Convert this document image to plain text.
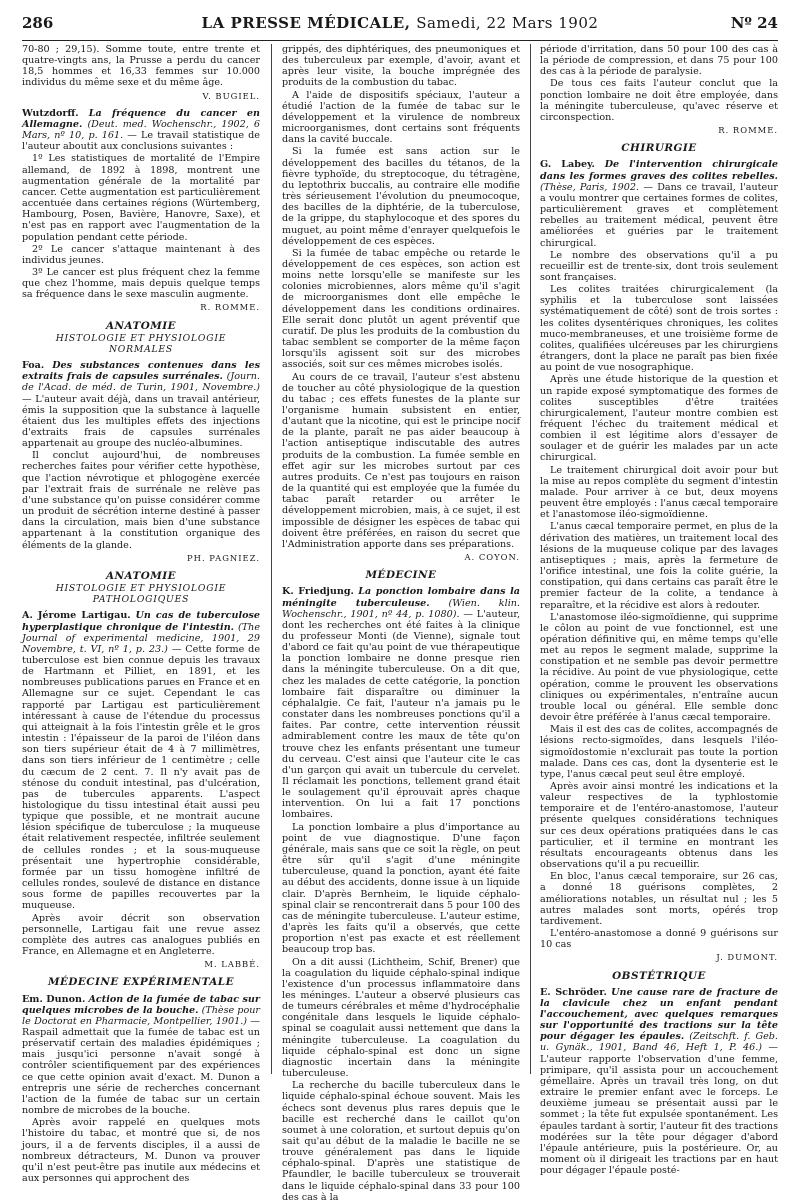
286	LA PRESSE MÉDICALE, Samedi, 22 Mars 1902	Nº 24

70-80 ; 29,15). Somme toute, entre trente et quatre-vingts ans, la Prusse a perdu du cancer 18,5 hommes et 16,33 femmes sur 10.000 individus du même sexe et du même âge.

V. BUGIEL.

Wutzdorff. La fréquence du cancer en Allemagne. (Deut. med. Wochenschr., 1902, 6 Mars, nº 10, p. 161. — Le travail statistique de l'auteur aboutit aux conclusions suivantes :

1º Les statistiques de mortalité de l'Empire allemand, de 1892 à 1898, montrent une augmentation générale de la mortalité par cancer. Cette augmentation est particulièrement accentuée dans certaines régions (Würtemberg, Hambourg, Posen, Bavière, Hanovre, Saxe), et n'est pas en rapport avec l'augmentation de la population pendant cette période.

2º Le cancer s'attaque maintenant à des individus jeunes.

3º Le cancer est plus fréquent chez la femme que chez l'homme, mais depuis quelque temps sa fréquence dans le sexe masculin augmente.

R. ROMME.
ANATOMIE
HISTOLOGIE ET PHYSIOLOGIE NORMALES

Foa. Des substances contenues dans les extraits frais de capsules surrénales. (Journ. de l'Acad. de méd. de Turin, 1901, Novembre.) — L'auteur avait déjà, dans un travail antérieur, émis la supposition que la substance à laquelle étaient dus les multiples effets des injections d'extraits frais de capsules surrénales appartenait au groupe des nucléo-albumines.

Il conclut aujourd'hui, de nombreuses recherches faites pour vérifier cette hypothèse, que l'action névrotique et phlogogène exercée par l'extrait frais de surrénale ne relève pas d'une substance qu'on puisse considérer comme un produit de sécrétion interne destiné à passer dans la circulation, mais bien d'une substance appartenant à la constitution organique des éléments de la glande.

PH. PAGNIEZ.
ANATOMIE
HISTOLOGIE ET PHYSIOLOGIE PATHOLOGIQUES

A. Jérome Lartigau. Un cas de tuberculose hyperplastique chronique de l'intestin. (The Journal of experimental medicine, 1901, 29 Novembre, t. VI, nº 1, p. 23.) — Cette forme de tuberculose est bien connue depuis les travaux de Hartmann et Pilliet, en 1891, et les nombreuses publications parues en France et en Allemagne sur ce sujet. Cependant le cas rapporté par Lartigau est particulièrement intéressant à cause de l'étendue du processus qui atteignait à la fois l'intestin grêle et le gros intestin : l'épaisseur de la paroi de l'iléon dans son tiers supérieur était de 4 à 7 millimètres, dans son tiers inférieur de 1 centimètre ; celle du cæcum de 2 cent. 7. Il n'y avait pas de sténose du conduit intestinal, pas d'ulcération, pas de tubercules apparents. L'aspect histologique du tissu intestinal était aussi peu typique que possible, et ne montrait aucune lésion spécifique de tuberculose ; la muqueuse était relativement respectée, infiltrée seulement de cellules rondes ; et la sous-muqueuse présentait une hypertrophie considérable, formée par un tissu homogène infiltré de cellules rondes, soulevé de distance en distance sous forme de papilles recouvertes par la muqueuse.

Après avoir décrit son observation personnelle, Lartigau fait une revue assez complète des autres cas analogues publiés en France, en Allemagne et en Angleterre.

M. LABBÉ.
MÉDECINE EXPÉRIMENTALE

Em. Dunon. Action de la fumée de tabac sur quelques microbes de la bouche. (Thèse pour le Doctorat en Pharmacie, Montpellier, 1901.) — Raspail admettait que la fumée de tabac est un préservatif certain des maladies épidémiques ; mais jusqu'ici personne n'avait songé à contrôler scientifiquement par des expériences ce que cette opinion avait d'exact. M. Dunon a entrepris une série de recherches concernant l'action de la fumée de tabac sur un certain nombre de microbes de la bouche.

Après avoir rappelé en quelques mots l'histoire du tabac, et montré que si, de nos jours, il a de fervents disciples, il a aussi de nombreux détracteurs, M. Dunon va prouver qu'il n'est peut-être pas inutile aux médecins et aux personnes qui approchent des

grippés, des diphtériques, des pneumoniques et des tuberculeux par exemple, d'avoir, avant et après leur visite, la bouche imprégnée des produits de la combustion du tabac.

A l'aide de dispositifs spéciaux, l'auteur a étudié l'action de la fumée de tabac sur le développement et la virulence de nombreux microorganismes, dont certains sont fréquents dans la cavité buccale.

Si la fumée est sans action sur le développement des bacilles du tétanos, de la fièvre typhoïde, du streptocoque, du tétragène, du leptothrix buccalis, au contraire elle modifie très sérieusement l'évolution du pneumocoque, des bacilles de la diphtérie, de la tuberculose, de la grippe, du staphylocoque et des spores du muguet, au point même d'enrayer quelquefois le développement de ces espèces.

Si la fumée de tabac empêche ou retarde le développement de ces espèces, son action est moins nette lorsqu'elle se manifeste sur les colonies microbiennes, alors même qu'il s'agit de microorganismes dont elle empêche le développement dans les conditions ordinaires. Elle serait donc plutôt un agent préventif que curatif. De plus les produits de la combustion du tabac semblent se comporter de la même façon lorsqu'ils agissent soit sur des microbes associés, soit sur ces mêmes microbes isolés.

Au cours de ce travail, l'auteur s'est abstenu de toucher au côté physiologique de la question du tabac ; ces effets funestes de la plante sur l'organisme humain subsistent en entier, d'autant que la nicotine, qui est le principe nocif de la plante, paraît ne pas aider beaucoup à l'action antiseptique indiscutable des autres produits de la combustion. La fumée semble en effet agir sur les microbes surtout par ces autres produits. Ce n'est pas toujours en raison de la quantité qui est employée que la fumée du tabac paraît retarder ou arrêter le développement microbien, mais, à ce sujet, il est impossible de désigner les espèces de tabac qui doivent être préférées, en raison du secret que l'Administration apporte dans ses préparations.

A. COYON.
MÉDECINE

K. Friedjung. La ponction lombaire dans la méningite tuberculeuse. (Wien. klin. Wochenschr., 1901, nº 44, p. 1080). — L'auteur, dont les recherches ont été faites à la clinique du professeur Monti (de Vienne), signale tout d'abord ce fait qu'au point de vue thérapeutique la ponction lombaire ne donne presque rien dans la méningite tuberculeuse. On a dit que, chez les malades de cette catégorie, la ponction lombaire fait disparaître ou diminuer la céphalalgie. Ce fait, l'auteur n'a jamais pu le constater dans les nombreuses ponctions qu'il a faites. Par contre, cette intervention réussit admirablement contre les maux de tête qu'on trouve chez les enfants présentant une tumeur du cerveau. C'est ainsi que l'auteur cite le cas d'un garçon qui avait un tubercule du cervelet. Il réclamait les ponctions, tellement grand était le soulagement qu'il éprouvait après chaque intervention. On lui a fait 17 ponctions lombaires.

La ponction lombaire a plus d'importance au point de vue diagnostique. D'une façon générale, mais sans que ce soit la règle, on peut être sûr qu'il s'agit d'une méningite tuberculeuse, quand la ponction, ayant été faite au début des accidents, donne issue à un liquide clair. D'après Bernheim, le liquide céphalo-spinal clair se rencontrerait dans 5 pour 100 des cas de méningite tuberculeuse. L'auteur estime, d'après les faits qu'il a observés, que cette proportion n'est pas exacte et est réellement beaucoup trop bas.

On a dit aussi (Lichtheim, Schif, Brener) que la coagulation du liquide céphalo-spinal indique l'existence d'un processus inflammatoire dans les méninges. L'auteur a observé plusieurs cas de tumeurs cérébrales et même d'hydrocéphalie congénitale dans lesquels le liquide céphalo-spinal se coagulait aussi nettement que dans la méningite tuberculeuse. La coagulation du liquide céphalo-spinal est donc un signe diagnostic incertain dans la méningite tuberculeuse.

La recherche du bacille tuberculeux dans le liquide céphalo-spinal échoue souvent. Mais les échecs sont devenus plus rares depuis que le bacille est recherché dans le caillot qu'on soumet à une coloration, et surtout depuis qu'on sait qu'au début de la maladie le bacille ne se trouve généralement pas dans le liquide céphalo-spinal. D'après une statistique de Pfaundler, le bacille tuberculeux se trouverait dans le liquide céphalo-spinal dans 33 pour 100 des cas à la

période d'irritation, dans 50 pour 100 des cas à la période de compression, et dans 75 pour 100 des cas à la période de paralysie.

De tous ces faits l'auteur conclut que la ponction lombaire ne doit être employée, dans la méningite tuberculeuse, qu'avec réserve et circonspection.

R. ROMME.
CHIRURGIE

G. Labey. De l'intervention chirurgicale dans les formes graves des colites rebelles. (Thèse, Paris, 1902. — Dans ce travail, l'auteur a voulu montrer que certaines formes de colites, particulièrement graves et complètement rebelles au traitement médical, peuvent être améliorées et guéries par le traitement chirurgical.

Le nombre des observations qu'il a pu recueillir est de trente-six, dont trois seulement sont françaises.

Les colites traitées chirurgicalement (la syphilis et la tuberculose sont laissées systématiquement de côté) sont de trois sortes : les colites dysentériques chroniques, les colites muco-membraneuses, et une troisième forme de colites, qualifiées ulcéreuses par les chirurgiens étrangers, dont la place ne paraît pas bien fixée au point de vue nosographique.

Après une étude historique de la question et un rapide exposé symptomatique des formes de colites susceptibles d'être traitées chirurgicalement, l'auteur montre combien est fréquent l'échec du traitement médical et combien il est légitime alors d'essayer de soulager et de guérir les malades par un acte chirurgical.

Le traitement chirurgical doit avoir pour but la mise au repos complète du segment d'intestin malade. Pour arriver à ce but, deux moyens peuvent être employés : l'anus cæcal temporaire et l'anastomose iléo-sigmoïdienne.

L'anus cæcal temporaire permet, en plus de la dérivation des matières, un traitement local des lésions de la muqueuse colique par des lavages antiseptiques ; mais, après la fermeture de l'orifice intestinal, une fois la colite guérie, la constipation, qui dans certains cas paraît être le premier facteur de la colite, a tendance à reparaître, et la récidive est alors à redouter.

L'anastomose iléo-sigmoïdienne, qui supprime le côlon au point de vue fonctionnel, est une opération définitive qui, en même temps qu'elle met au repos le segment malade, supprime la constipation et ne semble pas devoir permettre la récidive. Au point de vue physiologique, cette opération, comme le prouvent les observations cliniques ou expérimentales, n'entraîne aucun trouble local ou général. Elle semble donc devoir être préférée à l'anus cæcal temporaire.

Mais il est des cas de colites, accompagnés de lésions recto-sigmoïdes, dans lesquels l'iléo-sigmoïdostomie n'exclurait pas toute la portion malade. Dans ces cas, dont la dysenterie est le type, l'anus cæcal peut seul être employé.

Après avoir ainsi montré les indications et la valeur respectives de la typhlostomie temporaire et de l'entéro-anastomose, l'auteur présente quelques considérations techniques sur ces deux opérations pratiquées dans le cas particulier, et il termine en montrant les résultats encourageants obtenus dans les observations qu'il a pu recueillir.

En bloc, l'anus cæcal temporaire, sur 26 cas, a donné 18 guérisons complètes, 2 améliorations notables, un résultat nul ; les 5 autres malades sont morts, opérés trop tardivement.

L'entéro-anastomose a donné 9 guérisons sur 10 cas

J. DUMONT.
OBSTÉTRIQUE

E. Schröder. Une cause rare de fracture de la clavicule chez un enfant pendant l'accouchement, avec quelques remarques sur l'opportunité des tractions sur la tête pour dégager les épaules. (Zeitschft. f. Geb. u. Gynäk., 1901, Band 46, Heft 1, P. 46.) — L'auteur rapporte l'observation d'une femme, primipare, qu'il assista pour un accouchement gémellaire. Après un travail très long, on dut extraire le premier enfant avec le forceps. Le deuxième jumeau se présentait aussi par le sommet ; la tête fut expulsée spontanément. Les épaules tardant à sortir, l'auteur fit des tractions modérées sur la tête pour dégager d'abord l'épaule antérieure, puis la postérieure. Or, au moment où il dirigeait les tractions par en haut pour dégager l'épaule posté-
